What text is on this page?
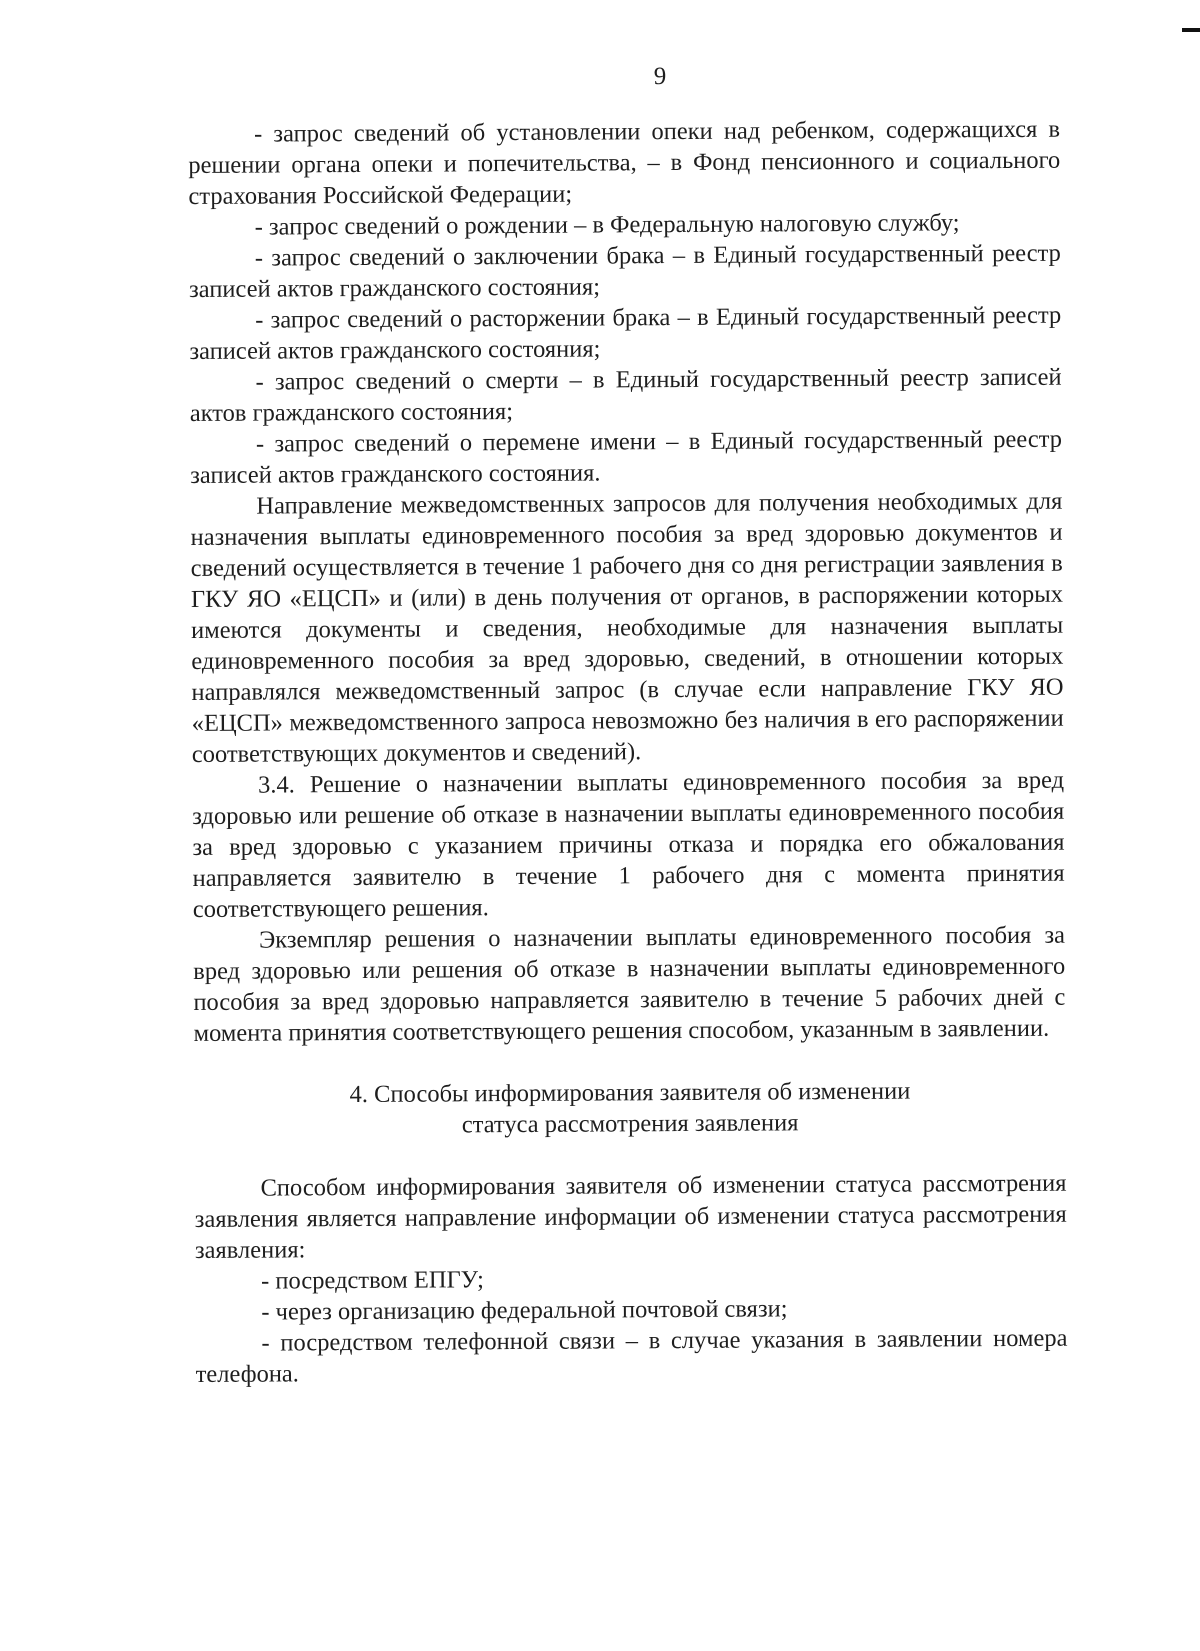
9

- запрос сведений об установлении опеки над ребенком, содержащихся в решении органа опеки и попечительства, – в Фонд пенсионного и социального страхования Российской Федерации;

- запрос сведений о рождении – в Федеральную налоговую службу;

- запрос сведений о заключении брака – в Единый государственный реестр записей актов гражданского состояния;

- запрос сведений о расторжении брака – в Единый государственный реестр записей актов гражданского состояния;

- запрос сведений о смерти – в Единый государственный реестр записей актов гражданского состояния;

- запрос сведений о перемене имени – в Единый государственный реестр записей актов гражданского состояния.

Направление межведомственных запросов для получения необходимых для назначения выплаты единовременного пособия за вред здоровью документов и сведений осуществляется в течение 1 рабочего дня со дня регистрации заявления в ГКУ ЯО «ЕЦСП» и (или) в день получения от органов, в распоряжении которых имеются документы и сведения, необходимые для назначения выплаты единовременного пособия за вред здоровью, сведений, в отношении которых направлялся межведомственный запрос (в случае если направление ГКУ ЯО «ЕЦСП» межведомственного запроса невозможно без наличия в его распоряжении соответствующих документов и сведений).

3.4. Решение о назначении выплаты единовременного пособия за вред здоровью или решение об отказе в назначении выплаты единовременного пособия за вред здоровью с указанием причины отказа и порядка его обжалования направляется заявителю в течение 1 рабочего дня с момента принятия соответствующего решения.

Экземпляр решения о назначении выплаты единовременного пособия за вред здоровью или решения об отказе в назначении выплаты единовременного пособия за вред здоровью направляется заявителю в течение 5 рабочих дней с момента принятия соответствующего решения способом, указанным в заявлении.

4. Способы информирования заявителя об изменении
статуса рассмотрения заявления

Способом информирования заявителя об изменении статуса рассмотрения заявления является направление информации об изменении статуса рассмотрения заявления:

- посредством ЕПГУ;

- через организацию федеральной почтовой связи;

- посредством телефонной связи – в случае указания в заявлении номера телефона.
